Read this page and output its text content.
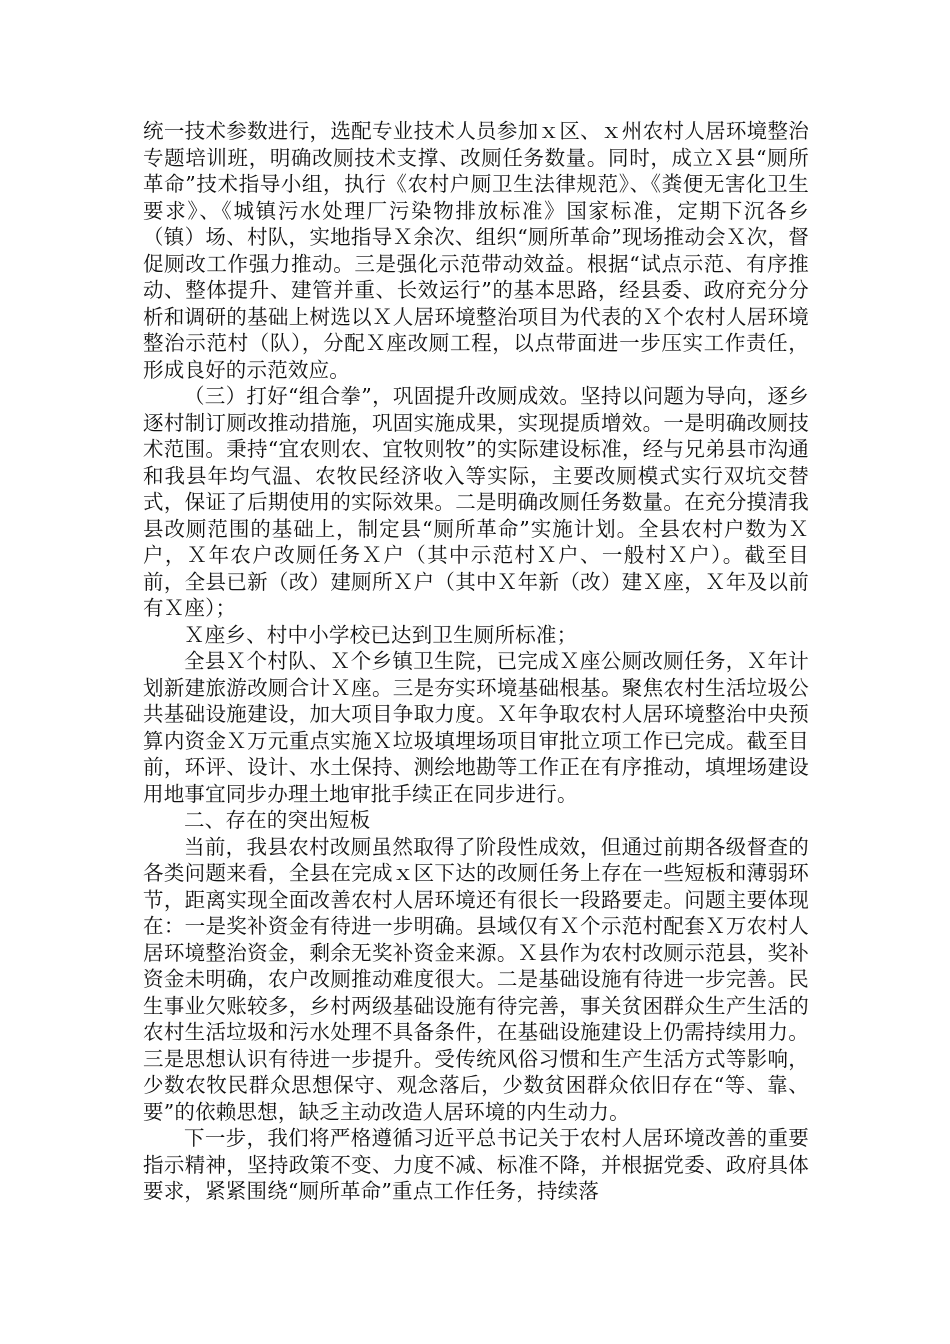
统一技术参数进行，选配专业技术人员参加ｘ区、ｘ州农村人居环境整治专题培训班，明确改厕技术支撑、改厕任务数量。同时，成立Ｘ县“厕所革命”技术指导小组，执行《农村户厕卫生法律规范》、《粪便无害化卫生要求》、《城镇污水处理厂污染物排放标准》国家标准，定期下沉各乡（镇）场、村队，实地指导Ｘ余次、组织“厕所革命”现场推动会Ｘ次，督促厕改工作强力推动。三是强化示范带动效益。根据“试点示范、有序推动、整体提升、建管并重、长效运行”的基本思路，经县委、政府充分分析和调研的基础上树选以Ｘ人居环境整治项目为代表的Ｘ个农村人居环境整治示范村（队），分配Ｘ座改厕工程，以点带面进一步压实工作责任，形成良好的示范效应。

（三）打好“组合拳”，巩固提升改厕成效。坚持以问题为导向，逐乡逐村制订厕改推动措施，巩固实施成果，实现提质增效。一是明确改厕技术范围。秉持“宜农则农、宜牧则牧”的实际建设标准，经与兄弟县市沟通和我县年均气温、农牧民经济收入等实际，主要改厕模式实行双坑交替式，保证了后期使用的实际效果。二是明确改厕任务数量。在充分摸清我县改厕范围的基础上，制定县“厕所革命”实施计划。全县农村户数为Ｘ户，Ｘ年农户改厕任务Ｘ户（其中示范村Ｘ户、一般村Ｘ户）。截至目前，全县已新（改）建厕所Ｘ户（其中Ｘ年新（改）建Ｘ座，Ｘ年及以前有Ｘ座）；

Ｘ座乡、村中小学校已达到卫生厕所标准；

全县Ｘ个村队、Ｘ个乡镇卫生院，已完成Ｘ座公厕改厕任务，Ｘ年计划新建旅游改厕合计Ｘ座。三是夯实环境基础根基。聚焦农村生活垃圾公共基础设施建设，加大项目争取力度。Ｘ年争取农村人居环境整治中央预算内资金Ｘ万元重点实施Ｘ垃圾填埋场项目审批立项工作已完成。截至目前，环评、设计、水土保持、测绘地勘等工作正在有序推动，填埋场建设用地事宜同步办理土地审批手续正在同步进行。

二、存在的突出短板

当前，我县农村改厕虽然取得了阶段性成效，但通过前期各级督查的各类问题来看，全县在完成ｘ区下达的改厕任务上存在一些短板和薄弱环节，距离实现全面改善农村人居环境还有很长一段路要走。问题主要体现在：一是奖补资金有待进一步明确。县域仅有Ｘ个示范村配套Ｘ万农村人居环境整治资金，剩余无奖补资金来源。Ｘ县作为农村改厕示范县，奖补资金未明确，农户改厕推动难度很大。二是基础设施有待进一步完善。民生事业欠账较多，乡村两级基础设施有待完善，事关贫困群众生产生活的农村生活垃圾和污水处理不具备条件，在基础设施建设上仍需持续用力。三是思想认识有待进一步提升。受传统风俗习惯和生产生活方式等影响，少数农牧民群众思想保守、观念落后，少数贫困群众依旧存在“等、靠、要”的依赖思想，缺乏主动改造人居环境的内生动力。

下一步，我们将严格遵循习近平总书记关于农村人居环境改善的重要指示精神，坚持政策不变、力度不减、标准不降，并根据党委、政府具体要求，紧紧围绕“厕所革命”重点工作任务，持续落
